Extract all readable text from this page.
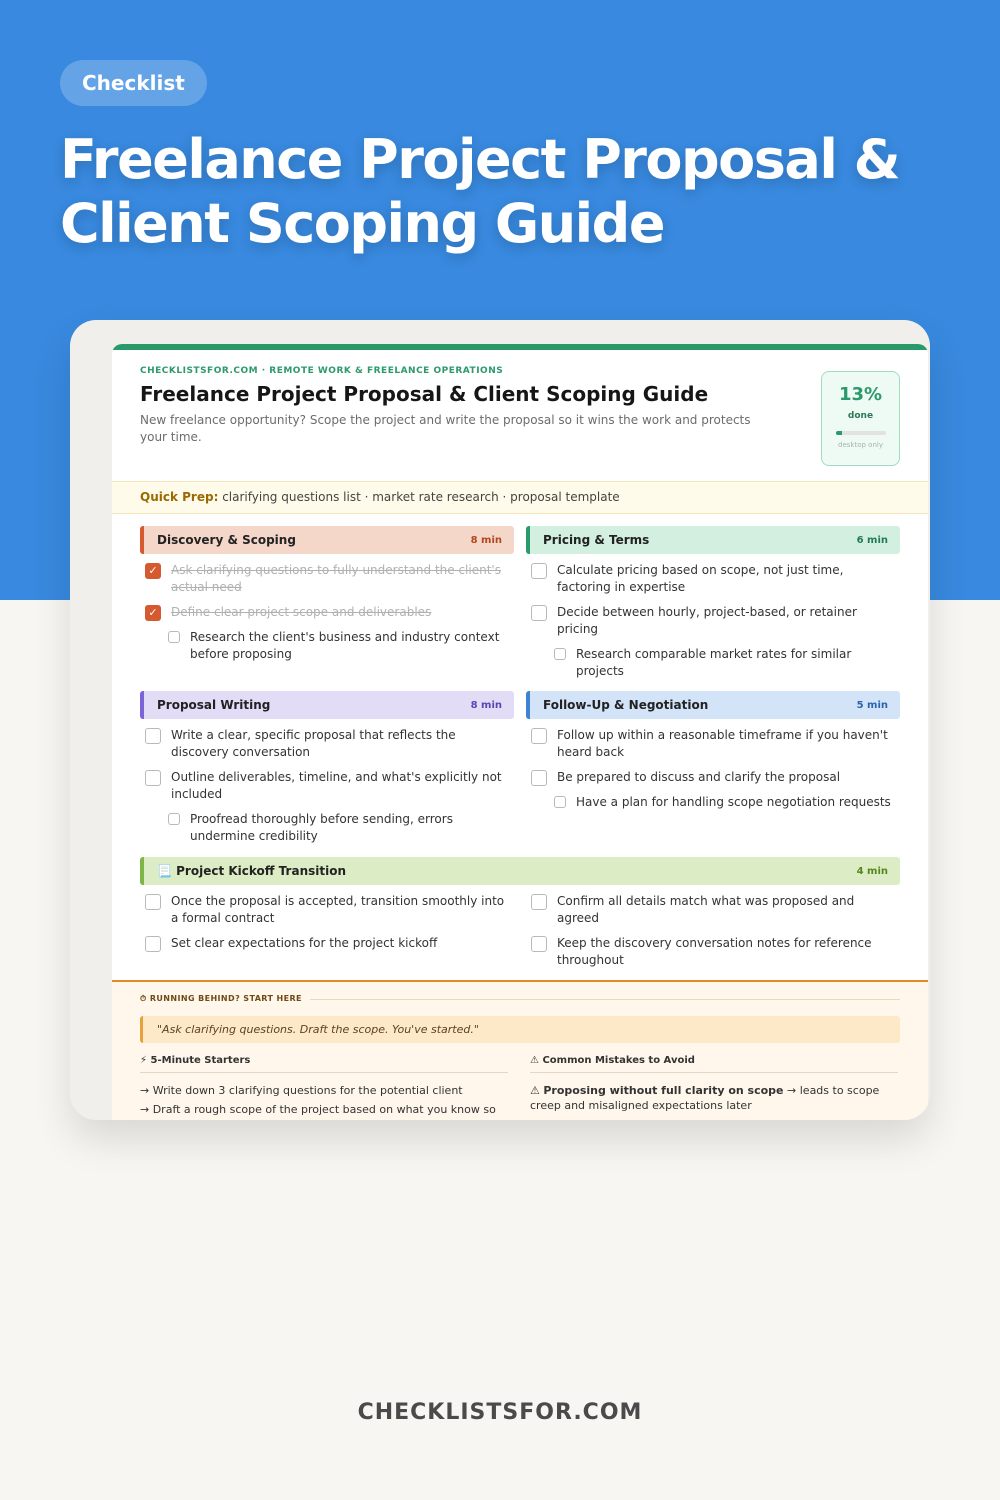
Checklist
Freelance Project Proposal & Client Scoping Guide
CHECKLISTSFOR.COM · REMOTE WORK & FREELANCE OPERATIONS
Freelance Project Proposal & Client Scoping Guide
New freelance opportunity? Scope the project and write the proposal so it wins the work and protects your time.
13%
done
desktop only
Quick Prep: clarifying questions list · market rate research · proposal template
Discovery & Scoping	8 min
✓ Ask clarifying questions to fully understand the client's actual need
✓ Define clear project scope and deliverables
Research the client's business and industry context before proposing
Pricing & Terms	6 min
Calculate pricing based on scope, not just time, factoring in expertise
Decide between hourly, project-based, or retainer pricing
Research comparable market rates for similar projects
Proposal Writing	8 min
Write a clear, specific proposal that reflects the discovery conversation
Outline deliverables, timeline, and what's explicitly not included
Proofread thoroughly before sending, errors undermine credibility
Follow-Up & Negotiation	5 min
Follow up within a reasonable timeframe if you haven't heard back
Be prepared to discuss and clarify the proposal
Have a plan for handling scope negotiation requests
📃 Project Kickoff Transition	4 min
Once the proposal is accepted, transition smoothly into a formal contract
Set clear expectations for the project kickoff
Confirm all details match what was proposed and agreed
Keep the discovery conversation notes for reference throughout
⏱ RUNNING BEHIND? START HERE
"Ask clarifying questions. Draft the scope. You've started."
⚡ 5-Minute Starters
→ Write down 3 clarifying questions for the potential client
→ Draft a rough scope of the project based on what you know so
⚠ Common Mistakes to Avoid
⚠ Proposing without full clarity on scope → leads to scope creep and misaligned expectations later
CHECKLISTSFOR.COM
